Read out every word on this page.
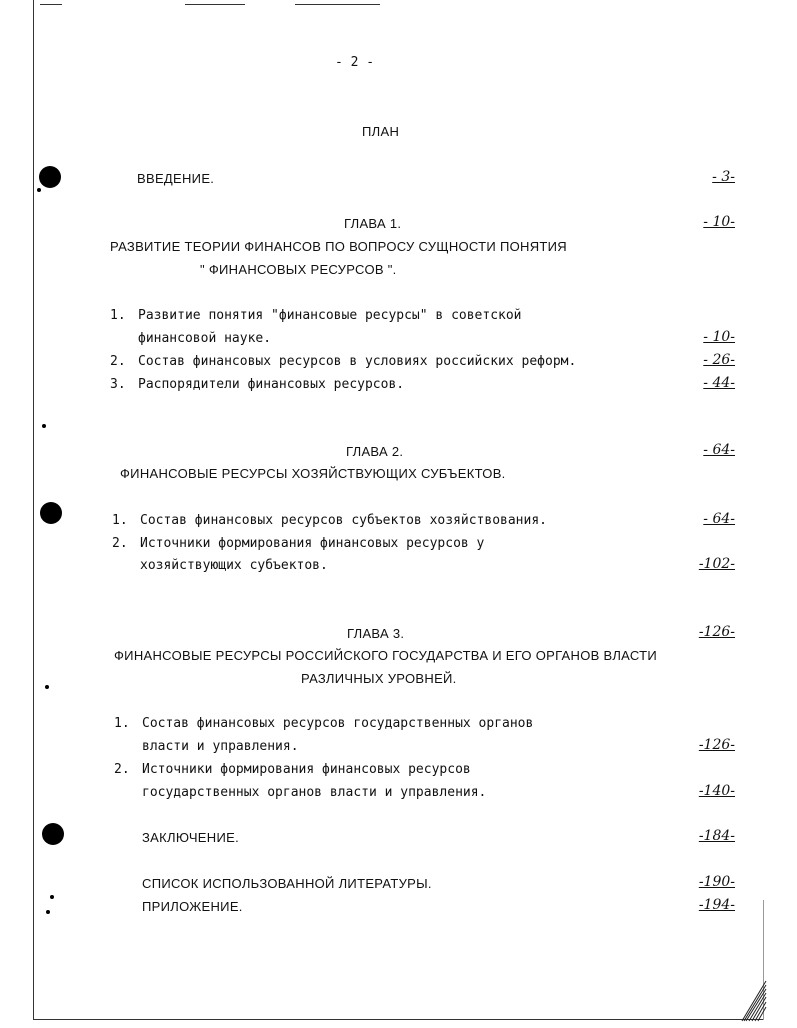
- 2 -
ПЛАН
ВВЕДЕНИЕ.	- 3-
ГЛАВА 1.	- 10-
РАЗВИТИЕ ТЕОРИИ ФИНАНСОВ ПО ВОПРОСУ СУЩНОСТИ ПОНЯТИЯ
" ФИНАНСОВЫХ РЕСУРСОВ ".
1. Развитие понятия "финансовые ресурсы" в советской
финансовой науке.	- 10-
2. Состав финансовых ресурсов в условиях российских реформ.	- 26-
3. Распорядители финансовых ресурсов.	- 44-
ГЛАВА 2.	- 64-
ФИНАНСОВЫЕ РЕСУРСЫ ХОЗЯЙСТВУЮЩИХ СУБЪЕКТОВ.
1. Состав финансовых ресурсов субъектов хозяйствования.	- 64-
2. Источники формирования финансовых ресурсов у
хозяйствующих субъектов.	-102-
ГЛАВА 3.	-126-
ФИНАНСОВЫЕ РЕСУРСЫ РОССИЙСКОГО ГОСУДАРСТВА И ЕГО ОРГАНОВ ВЛАСТИ
РАЗЛИЧНЫХ УРОВНЕЙ.
1. Состав финансовых ресурсов государственных органов
власти и управления.	-126-
2. Источники формирования финансовых ресурсов
государственных органов власти и управления.	-140-
ЗАКЛЮЧЕНИЕ.	-184-
СПИСОК ИСПОЛЬЗОВАННОЙ ЛИТЕРАТУРЫ.	-190-
ПРИЛОЖЕНИЕ.	-194-
